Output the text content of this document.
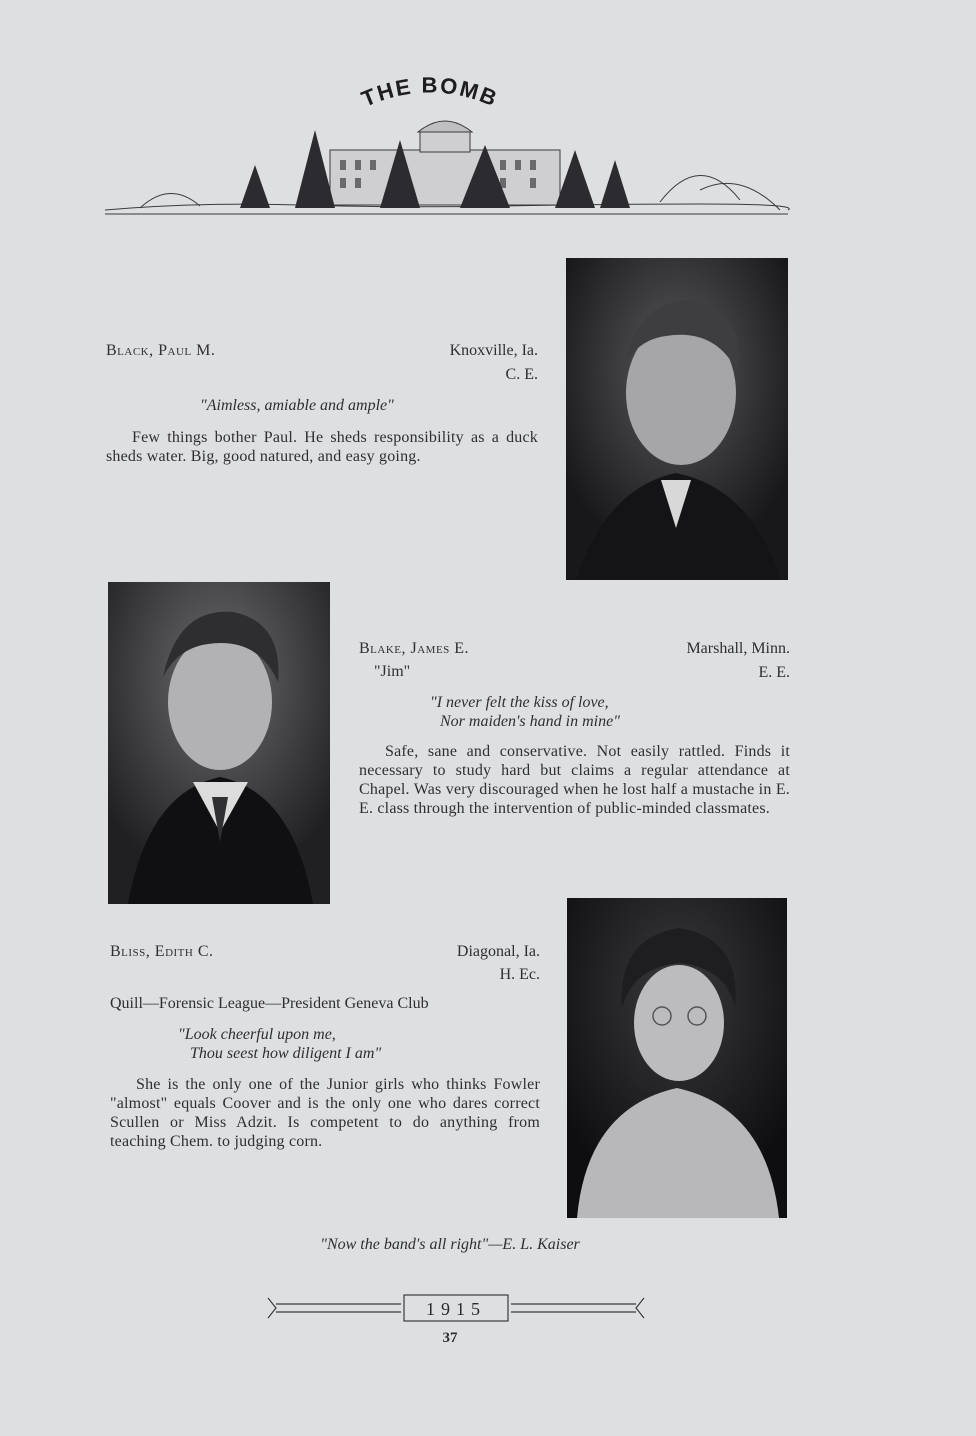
THE BOMB
Black, Paul M.	Knoxville, Ia.
C. E.
"Aimless, amiable and ample"
Few things bother Paul. He sheds responsibility as a duck sheds water. Big, good natured, and easy going.
Blake, James E.
"Jim"
Marshall, Minn.
E. E.
"I never felt the kiss of love,
Nor maiden's hand in mine"
Safe, sane and conservative. Not easily rattled. Finds it necessary to study hard but claims a regular attendance at Chapel. Was very discouraged when he lost half a mustache in E. E. class through the intervention of public-minded classmates.
Bliss, Edith C.	Diagonal, Ia.
H. Ec.
Quill—Forensic League—President Geneva Club
"Look cheerful upon me,
Thou seest how diligent I am"
She is the only one of the Junior girls who thinks Fowler "almost" equals Coover and is the only one who dares correct Scullen or Miss Adzit. Is competent to do anything from teaching Chem. to judging corn.
"Now the band's all right"—E. L. Kaiser
1915
37
